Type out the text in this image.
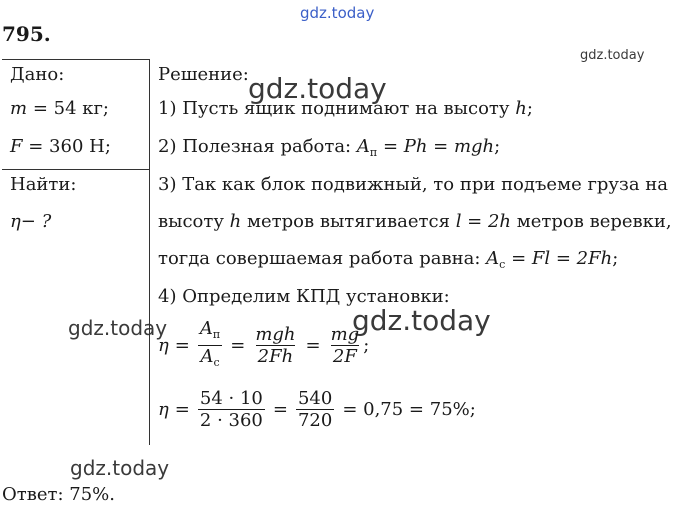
gdz.today
gdz.today
gdz.today
gdz.today	gdz.today
gdz.today
795.
Дано:
m = 54 кг;
F = 360 Н;
Найти:
η− ?
Решение:
1) Пусть ящик поднимают на высоту h;
2) Полезная работа: $A_п = Ph$ = mgh;
3) Так как блок подвижный, то при подъеме груза на
высоту h метров вытягивается l = 2h метров веревки,
тогда совершаемая работа равна: $A_с = Fl = 2Fh$;
4) Определим КПД установки:
$\eta = \frac{A_п}{A_с} = \frac{\text{mgh}}{2Fh} = \frac{mg}{2F}$ ;
$\eta = \frac{54 \cdot 10}{2 \cdot 360} = \frac{540}{720} = 0,75 = 75\%$;
Ответ: 75%.
